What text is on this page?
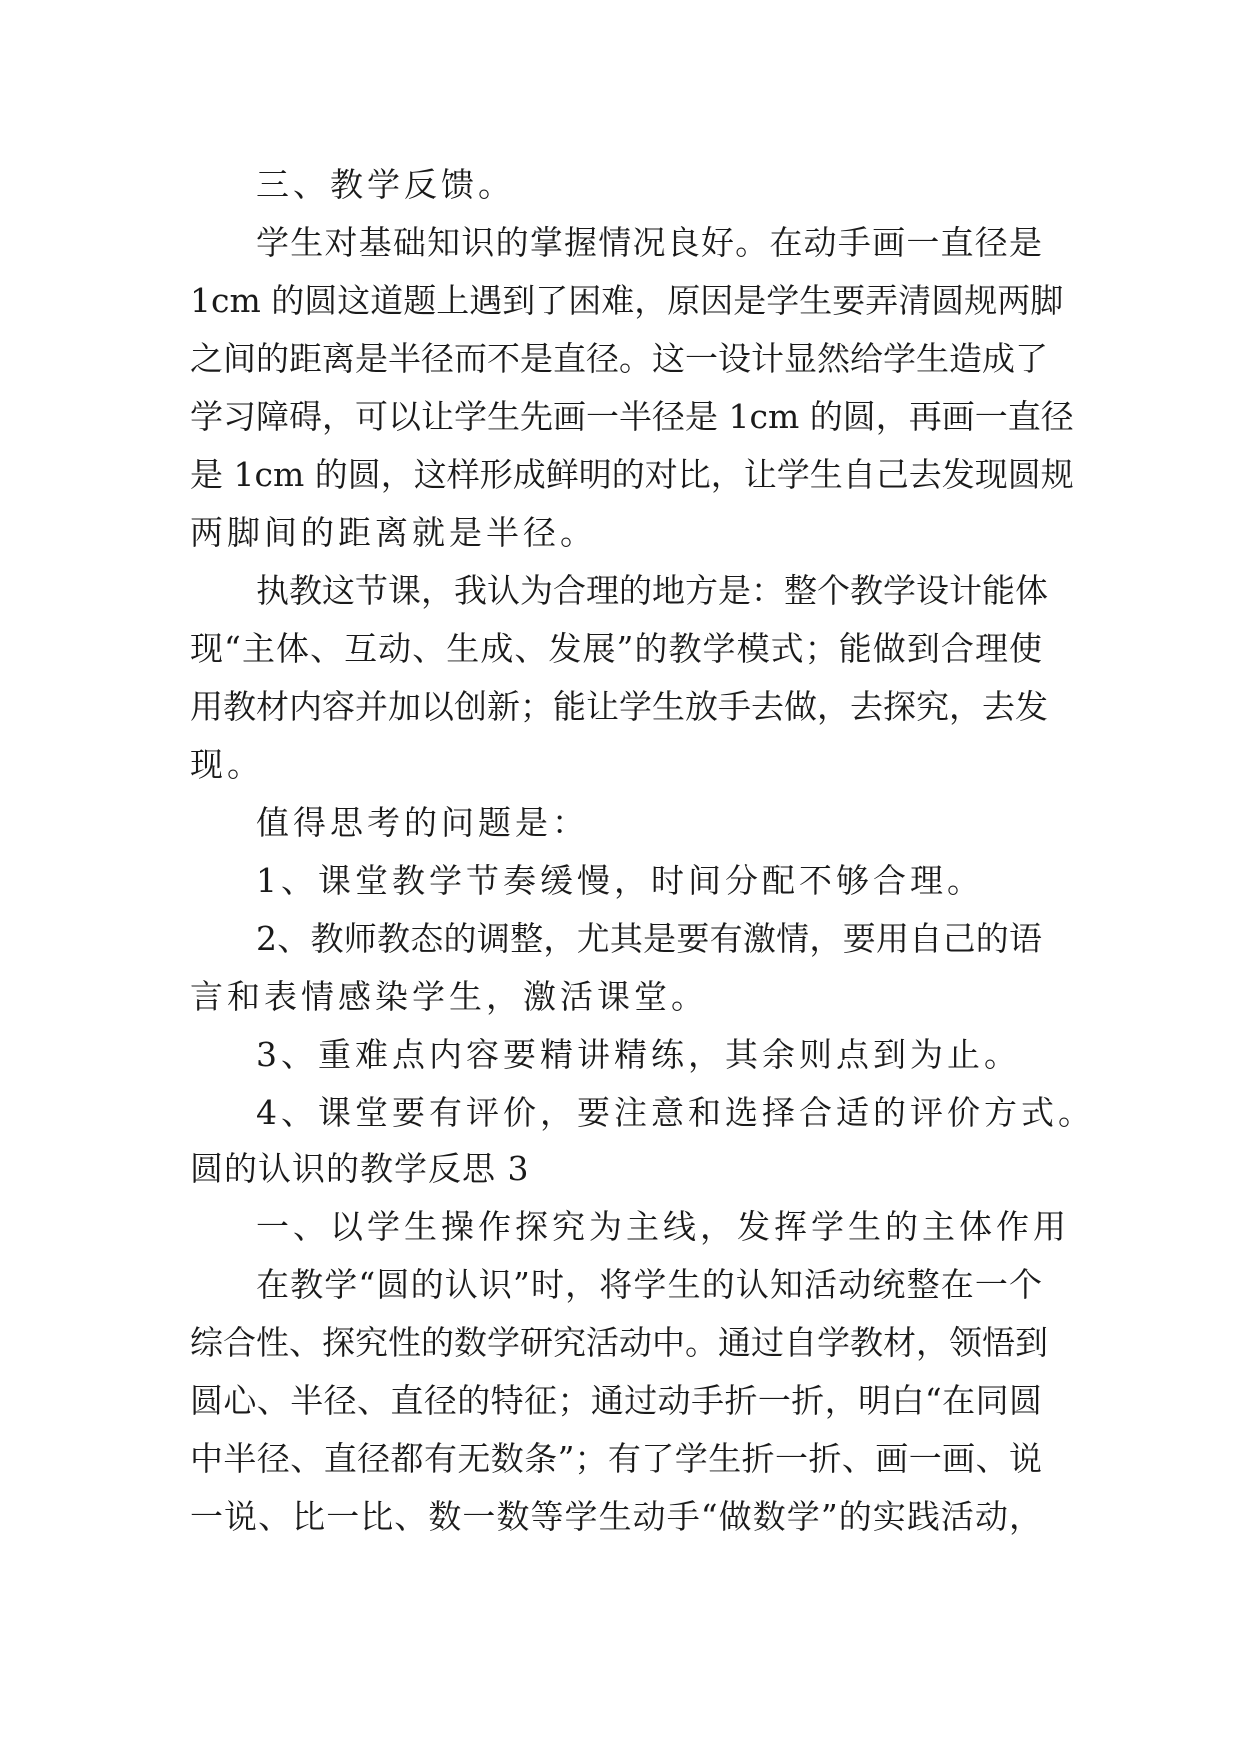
三、教学反馈。
学生对基础知识的掌握情况良好。在动手画一直径是
1cm 的圆这道题上遇到了困难，原因是学生要弄清圆规两脚
之间的距离是半径而不是直径。这一设计显然给学生造成了
学习障碍，可以让学生先画一半径是 1cm 的圆，再画一直径
是 1cm 的圆，这样形成鲜明的对比，让学生自己去发现圆规
两脚间的距离就是半径。
执教这节课，我认为合理的地方是：整个教学设计能体
现“主体、互动、生成、发展”的教学模式；能做到合理使
用教材内容并加以创新；能让学生放手去做，去探究，去发
现。
值得思考的问题是：
1、课堂教学节奏缓慢，时间分配不够合理。
2、教师教态的调整，尤其是要有激情，要用自己的语
言和表情感染学生，激活课堂。
3、重难点内容要精讲精练，其余则点到为止。
4、课堂要有评价，要注意和选择合适的评价方式。
圆的认识的教学反思 3
一、以学生操作探究为主线，发挥学生的主体作用
在教学“圆的认识”时，将学生的认知活动统整在一个
综合性、探究性的数学研究活动中。通过自学教材，领悟到
圆心、半径、直径的特征；通过动手折一折，明白“在同圆
中半径、直径都有无数条”；有了学生折一折、画一画、说
一说、比一比、数一数等学生动手“做数学”的实践活动，
